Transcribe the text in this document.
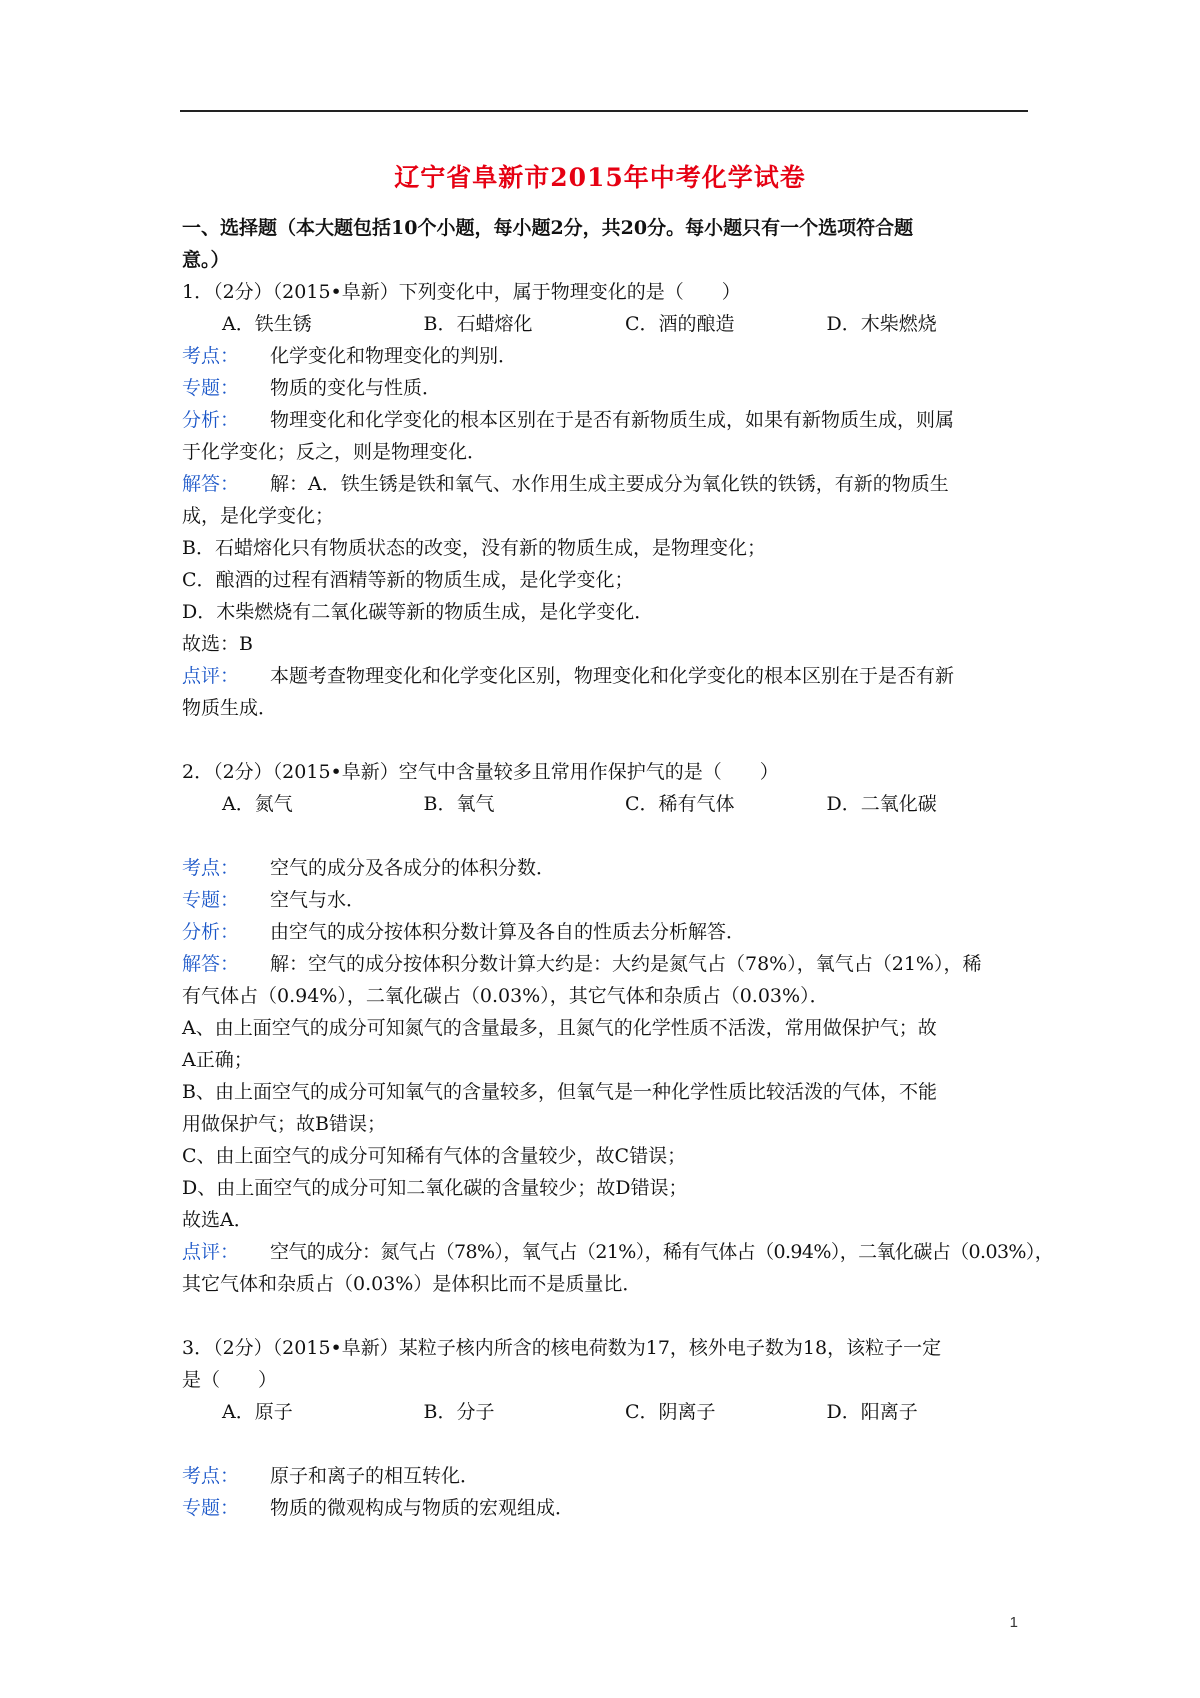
辽宁省阜新市2015年中考化学试卷
一、选择题（本大题包括10个小题，每小题2分，共20分。每小题只有一个选项符合题
意。）
1．（2分）（2015•阜新）下列变化中，属于物理变化的是（　　）
A．铁生锈	B．石蜡熔化	C．酒的酿造	D．木柴燃烧
考点： 化学变化和物理变化的判别．
专题： 物质的变化与性质．
分析： 物理变化和化学变化的根本区别在于是否有新物质生成，如果有新物质生成，则属
于化学变化；反之，则是物理变化．
解答： 解：A．铁生锈是铁和氧气、水作用生成主要成分为氧化铁的铁锈，有新的物质生
成，是化学变化；
B．石蜡熔化只有物质状态的改变，没有新的物质生成，是物理变化；
C．酿酒的过程有酒精等新的物质生成，是化学变化；
D．木柴燃烧有二氧化碳等新的物质生成，是化学变化．
故选：B
点评： 本题考查物理变化和化学变化区别，物理变化和化学变化的根本区别在于是否有新
物质生成．
2．（2分）（2015•阜新）空气中含量较多且常用作保护气的是（　　）
A．氮气	B．氧气	C．稀有气体	D．二氧化碳
考点： 空气的成分及各成分的体积分数．
专题： 空气与水．
分析： 由空气的成分按体积分数计算及各自的性质去分析解答．
解答： 解：空气的成分按体积分数计算大约是：大约是氮气占（78%），氧气占（21%），稀
有气体占（0.94%），二氧化碳占（0.03%），其它气体和杂质占（0.03%）．
A、由上面空气的成分可知氮气的含量最多，且氮气的化学性质不活泼，常用做保护气；故
A正确；
B、由上面空气的成分可知氧气的含量较多，但氧气是一种化学性质比较活泼的气体，不能
用做保护气；故B错误；
C、由上面空气的成分可知稀有气体的含量较少，故C错误；
D、由上面空气的成分可知二氧化碳的含量较少；故D错误；
故选A．
点评： 空气的成分：氮气占（78%），氧气占（21%），稀有气体占（0.94%），二氧化碳占（0.03%），
其它气体和杂质占（0.03%）是体积比而不是质量比．
3．（2分）（2015•阜新）某粒子核内所含的核电荷数为17，核外电子数为18，该粒子一定
是（　　）
A．原子	B．分子	C．阴离子	D．阳离子
考点： 原子和离子的相互转化．
专题： 物质的微观构成与物质的宏观组成．
1
